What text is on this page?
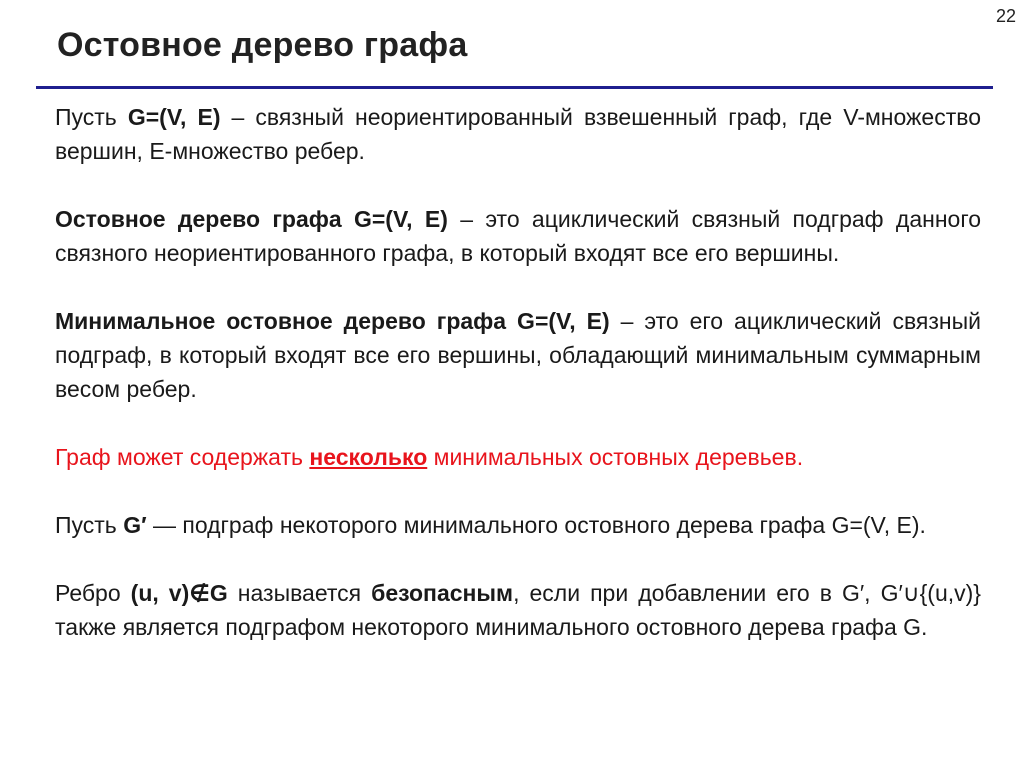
22
Остовное дерево графа

Пусть G=(V, E) – связный неориентированный взвешенный граф, где V-множество вершин, E-множество ребер.

Остовное дерево графа G=(V, E) – это ациклический связный подграф данного связного неориентированного графа, в который входят все его вершины.

Минимальное остовное дерево графа G=(V, E) – это его ациклический связный подграф, в который входят все его вершины, обладающий минимальным суммарным весом ребер.

Граф может содержать несколько минимальных остовных деревьев.

Пусть G′ — подграф некоторого минимального остовного дерева графа G=(V, E).

Ребро (u, v)∉G называется безопасным, если при добавлении его в G′, G′∪{(u,v)} также является подграфом некоторого минимального остовного дерева графа G.
